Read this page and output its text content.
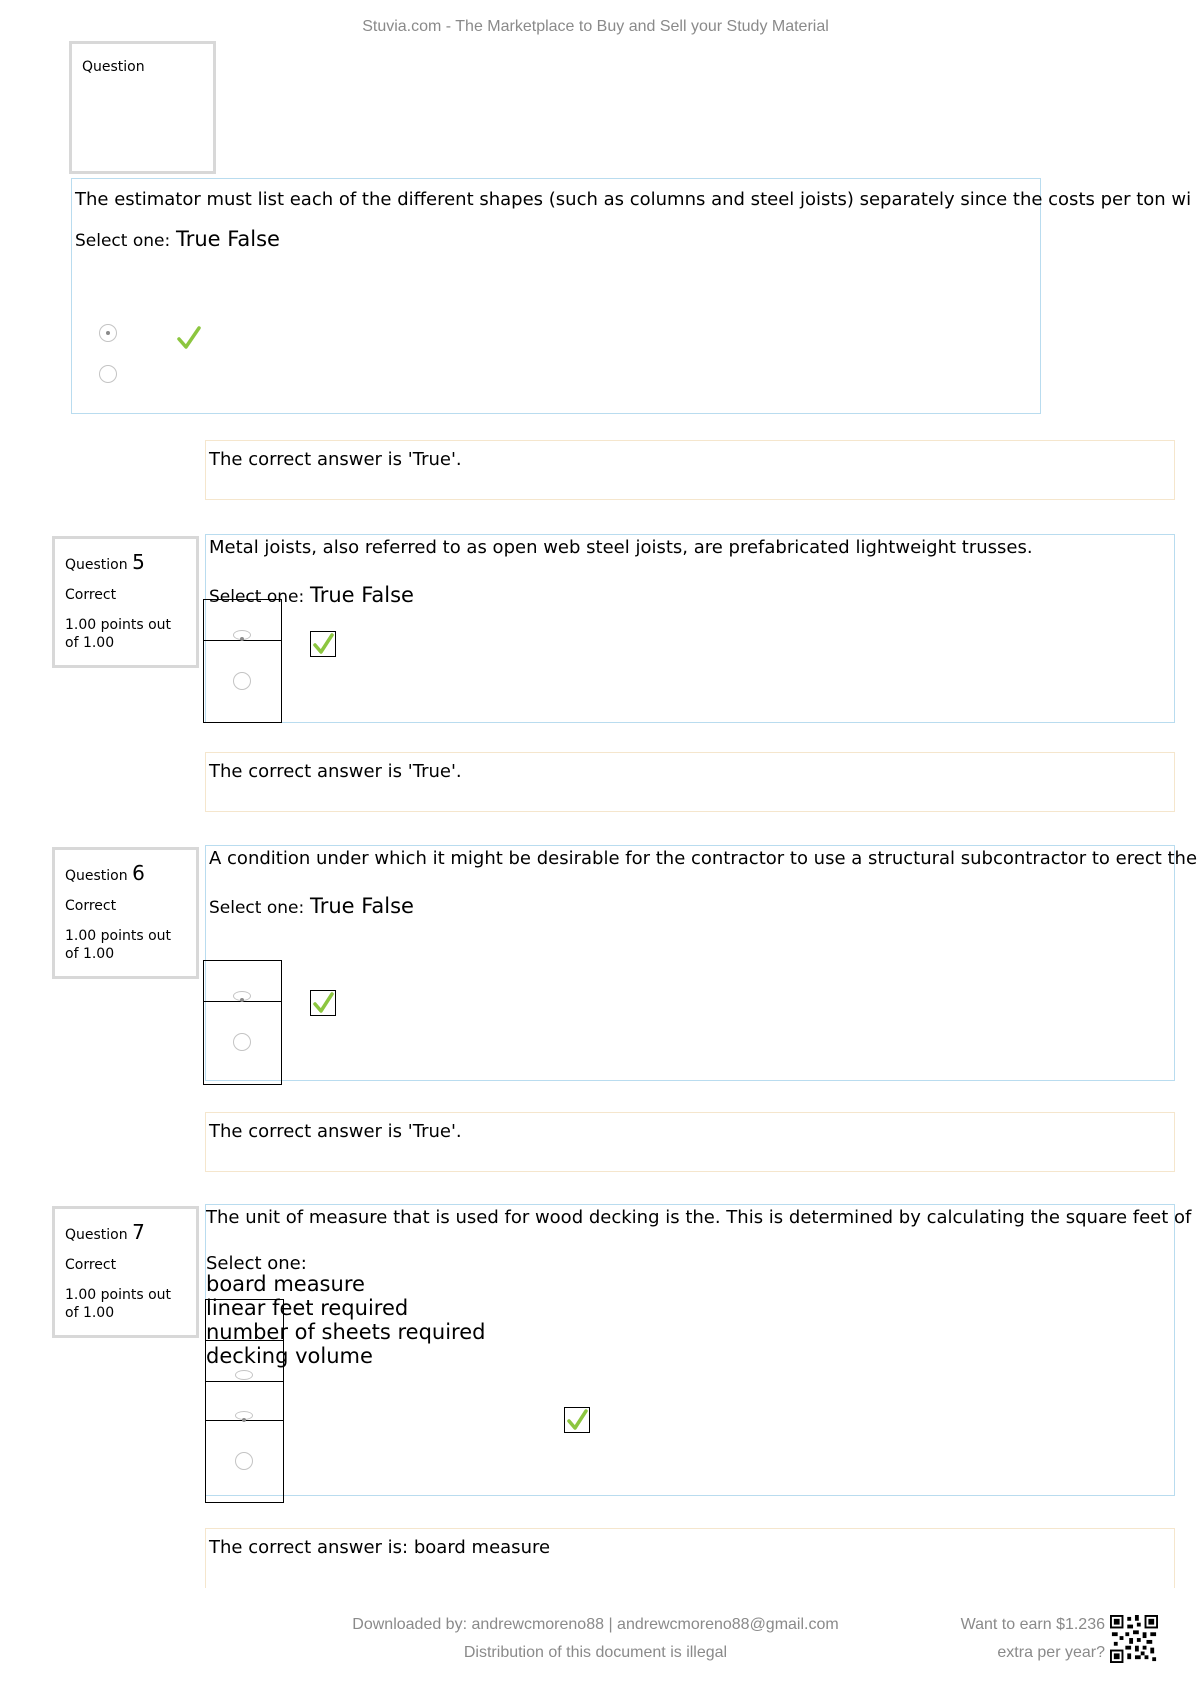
Stuvia.com - The Marketplace to Buy and Sell your Study Material
Question
The estimator must list each of the different shapes (such as columns and steel joists) separately since the costs per ton wi
Select one: True False
The correct answer is 'True'.
Question 5
Correct
1.00 points out
of 1.00
Metal joists, also referred to as open web steel joists, are prefabricated lightweight trusses.
Select one: True False
The correct answer is 'True'.
Question 6
Correct
1.00 points out
of 1.00
A condition under which it might be desirable for the contractor to use a structural subcontractor to erect the
Select one: True False
The correct answer is 'True'.
Question 7
Correct
1.00 points out
of 1.00
The unit of measure that is used for wood decking is the. This is determined by calculating the square feet of
Select one:
board measure
linear feet required
number of sheets required
decking volume
The correct answer is: board measure
Downloaded by: andrewcmoreno88 | andrewcmoreno88@gmail.com
Distribution of this document is illegal
Want to earn $1.236
extra per year?
